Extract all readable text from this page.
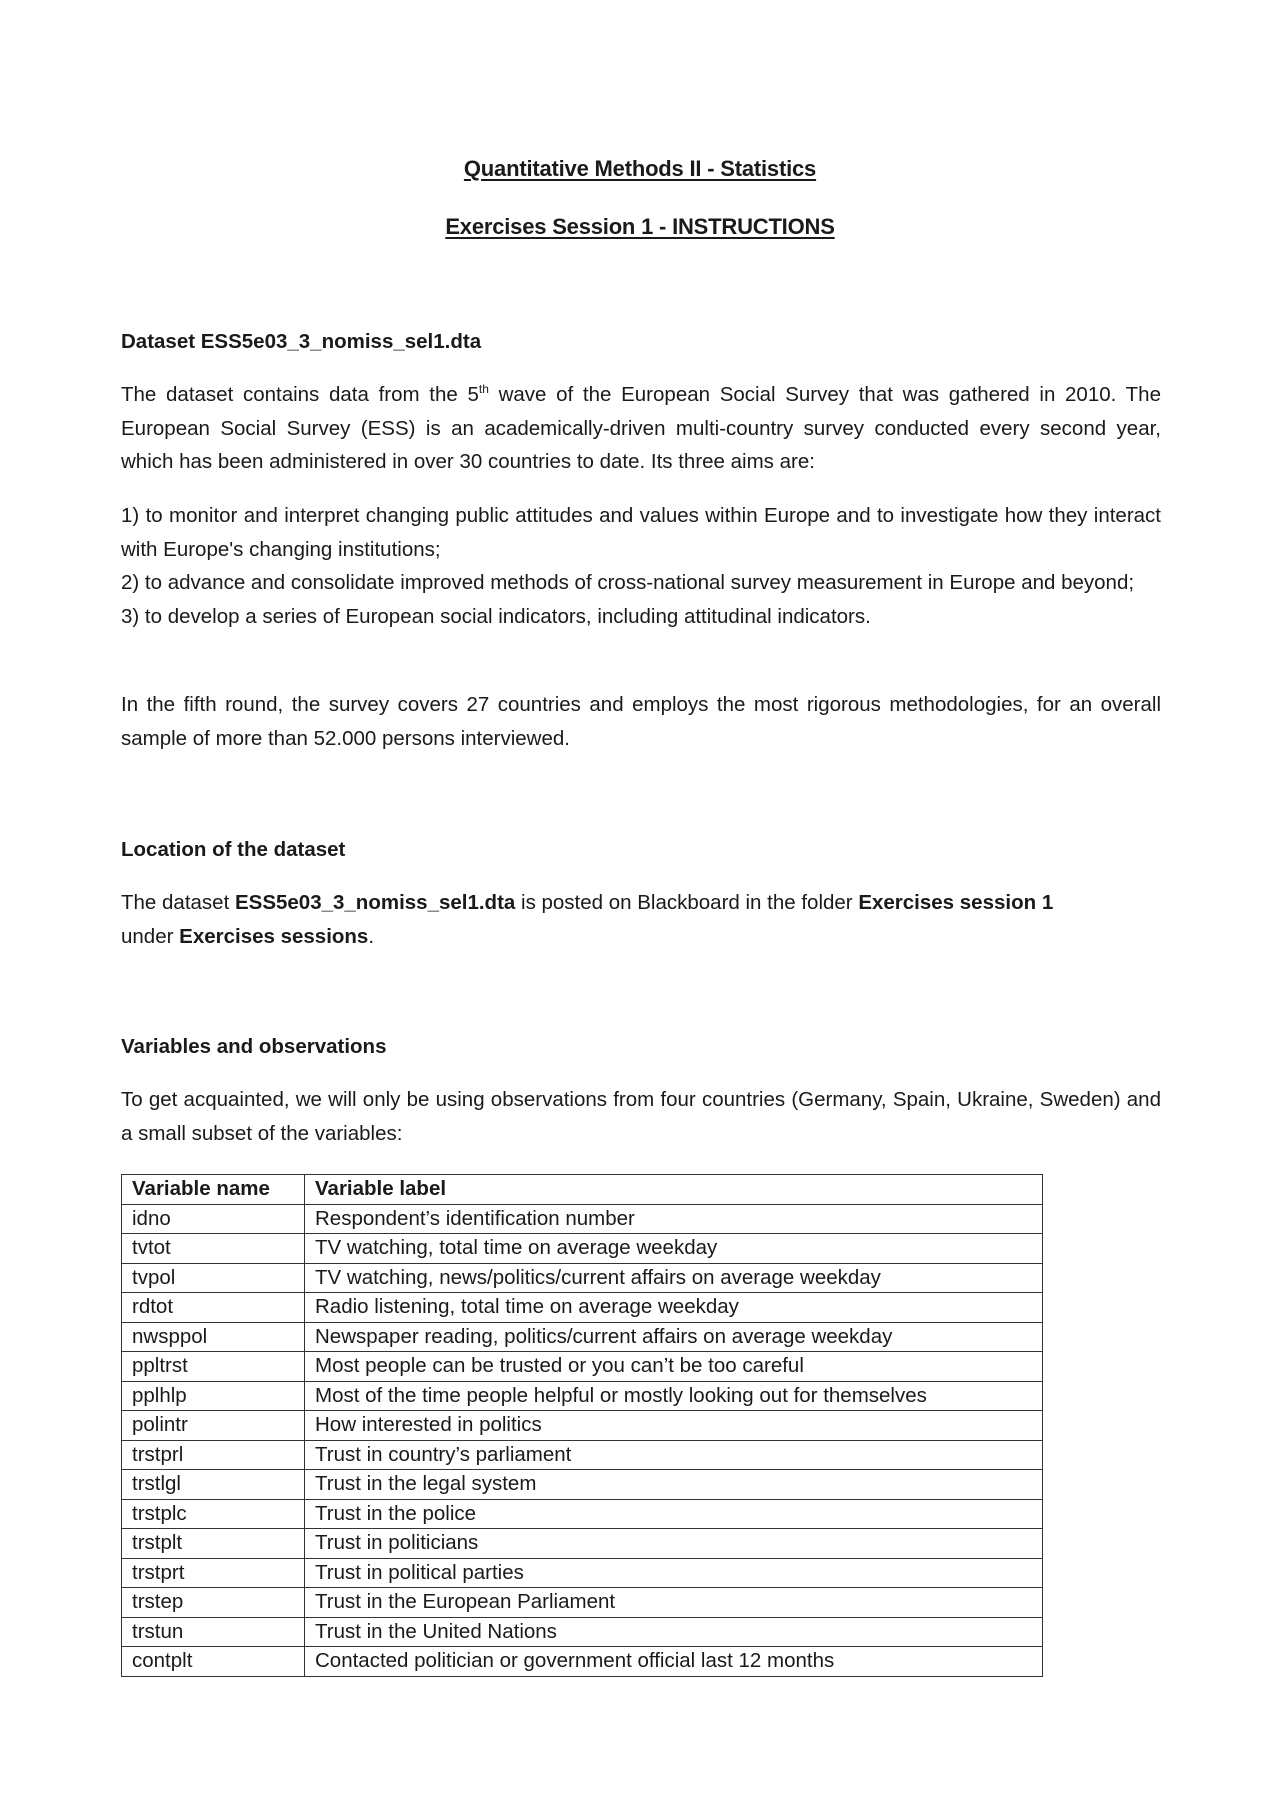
Quantitative Methods II - Statistics
Exercises Session 1 - INSTRUCTIONS
Dataset ESS5e03_3_nomiss_sel1.dta
The dataset contains data from the 5th wave of the European Social Survey that was gathered in 2010. The European Social Survey (ESS) is an academically-driven multi-country survey conducted every second year, which has been administered in over 30 countries to date. Its three aims are:
1) to monitor and interpret changing public attitudes and values within Europe and to investigate how they interact with Europe's changing institutions;
2) to advance and consolidate improved methods of cross-national survey measurement in Europe and beyond;
3) to develop a series of European social indicators, including attitudinal indicators.
In the fifth round, the survey covers 27 countries and employs the most rigorous methodologies, for an overall sample of more than 52.000 persons interviewed.
Location of the dataset
The dataset ESS5e03_3_nomiss_sel1.dta is posted on Blackboard in the folder Exercises session 1
under Exercises sessions.
Variables and observations
To get acquainted, we will only be using observations from four countries (Germany, Spain, Ukraine, Sweden) and a small subset of the variables:
Variable name	Variable label
idno	Respondent’s identification number
tvtot	TV watching, total time on average weekday
tvpol	TV watching, news/politics/current affairs on average weekday
rdtot	Radio listening, total time on average weekday
nwsppol	Newspaper reading, politics/current affairs on average weekday
ppltrst	Most people can be trusted or you can’t be too careful
pplhlp	Most of the time people helpful or mostly looking out for themselves
polintr	How interested in politics
trstprl	Trust in country’s parliament
trstlgl	Trust in the legal system
trstplc	Trust in the police
trstplt	Trust in politicians
trstprt	Trust in political parties
trstep	Trust in the European Parliament
trstun	Trust in the United Nations
contplt	Contacted politician or government official last 12 months
